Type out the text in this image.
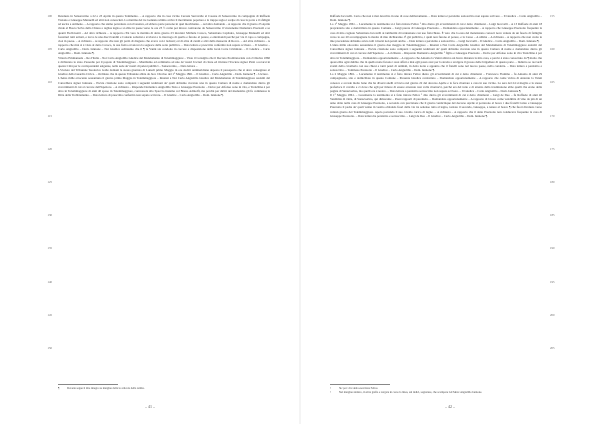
100
105
110
115
120
125
130
135
140
145
150

Detenuto in Sanseverino a 22 e 23 Aprile in questo Tenimento. – A rapporto che in casa vicino Cerasia Serravalle al Casone di Sanseverino in compagnia di Raffaele Troiano e Giuseppe Manuelli ed altri non conosciuti. La mattina del tre Gennaio ultimo arrivò il movimento popolare e la truppa regia è scelpe di casa la porta e il sfidigni ad uscire a Arimeno. – A rapporto che siamo pervenuto con riverenza, ed ebbero parte persone in quel movimento. – Ad altra domanda – A rapporto che il giorno 23 Aprile vinde al Bosco Selva della Chiesa a taglias legna e si ebbe in paese verso le ore 23 ½ come poi invece contrarono da Sanseverino il vicetenente Domenico Prezzotti e se quanti Fucilaventi – Ad altra richiesta – A rapporto ch'è vero le mattina di detto giorno 23 incontrò Michele Caroco, Sebastiano Capilatro, Giuseppe Manuelli ed altri forestieri tutti armati, e trovo le una dieci banditi e Canario sobuirsi e avviarsi e lo interrogo di quello e furono al parere, e entrabandi perchè per via il capo a campagna, cioè in paese. – A richiesta – A rapporto che non gli parlò di disgusto che aveva con i ladroni; ed di altra di cuniti e altri della masseria di Rocco. – Ad altra richiesta – A rapporto che mai si è visto al detto Caroco, la sua fretta ed ancora la seguace della sotto pubblica. – Data lettura e prescritta confermò non saputo scrivere. – Il Giudice – Carlo Angiolillo – Dom. Iannone – Noi Giudice ordiniamo che il ¶ la Vanni sia condotto in carcere a disposizione della Gran Corte Criminale. – Il Giudice – Carlo Angiolillo – Dom. Iannone ¶.

Vittorio Emmanuele – Re d'Italia – Noi Carlo Angiolillo Giudice del Mandamento di Tolemmaggiore – Visto il Consiglio che il Decreto Prodittatoriale con 2 Ottobre 1860 è dichiarato lo stato d'assedio per il popolo di Tolemmaggiore – Maniliamo ed ordiniamo ad uno de' nostri Uscieri di citare ed invitare l'Usciere signor Pizzi a recarsi in questa Città per le corrispondenti esigenze, nella sede de' nostri di pelesi pubblici – Sanseverino, – Data lettura –

L'Usciere del Tribunale Teodorico Galle domani la stessa giornata di Lunedì primo Maggio in ore dodici antimeridiane deposto il passaporto che si deve consegnare al Giudice della Guardia Civica. – Ordinato che in questo Tribunale abbia da Jaco l'Avviso del 1° Maggio 1861. – Il Giudice – Carlo Angiolillo – Dom. Iannone ¶ – Usciere.

L'Anno mille ottocento sessantuno il giorno primo Maggio in Tolemmaggiore – Innanzi a Noi Carlo Angiolillo Giudice del Mandamento di Tolemmaggiore assistiti dal Cancelliere signor Iannone – Previa citazione sono comparsi i seguenti testimoni de' quali abbiamo ricevuto una in questa Camera di nome e domandato dietro gli avvertimenti di cui al carcere dell'Ispettore. – A richiesta – Risponde Domenico Angiolillo Sisto e Giuseppe Prezzotto – Dolce per Alfonso sono in vita, e Trenchina è per altro in Tolemmaggiore di anni 40 sposo in Tolemmaggiore, convessola allo Spaccio insieme col Bruno Adinolfi, ma perchè per diritti del medesimo gli fu commessa la Ditta della Trebbiamento. – Data lettura di prescritta confermò non saputo scrivere. – Il Giudice – Carlo Angiolillo – Dom. Iannone ¶.

¶	Dovette segue il dire integro su margine della lo articolo della tomba.
– 41 –

Raffaele Iacovelli. Certo che non è mai descritto in uno di cose deliberamente. – Data lettura è persistito sottoscritto non saputo scrivere. – Il Giudice – Carlo Angiolillo – Dom. Iannone ¶.

Lo 1° Maggio 1861. – Lucemente la testimonia si è fatta intrare Felice ¹ dito dietro gli avvertimenti di cui è detto chiamarsi – Luigi Iacovelli – A 13 Raffaele di anni 18 proprietario sito e domiciliato in questo Comune – Luigi parere di Giuseppe Prezzotto. – Domandato opportunamente – A rapporto che Giuseppe Prezzotto frequentò la casa di mio cognato Sebastiano Iacovelli ai tamburini di tardessione con uso faticchiato. È vero che la essa del menzionato conosci nove venute da un fasolo di famiglia verso le ore 20 accompagnate la madre di mio dichiarante. È già pubblico, i quali non furono al potere, e la Cesso – A ultima – A richiesta – A rapporto che non credo le mie precedenze abbiamo avuto tolti i mezzi non potuti anche. – Data lettura a persistito e sottoscritto. – Luigi Iacovelli – Il Giudice – Carlo Angiolillo – Dom. Iannone ¶.

L'anno mille ottocento sessantuno il giorno due maggio in Tolemmaggiore – Innanzi a Noi Carlo Angiolillo Giudice del Mandamento di Tolemmaggiore assistiti dal Cancelliere signor Iannone – Previa citazione sono comparsi i seguenti testimoni de' quali abbiamo ricevuto una in questa Camera di nome e domandato dietro gli avvertimenti di cui al carcere dell'Ispettore. – A richiesta – Risponde Domenico Angiolillo ¹ figlio e Giuseppe Prezzotto – Dolce per Alfonso sono in vita Trenchina è per altro in Tolemmaggiore. – Domandato opportunamente – A rapporto che Antonio la Vanni abitava un breve distanza la mia casa, e perciò è stato conosciuto da ¶ molto che quasi ebbe ogni dubbio che in quella notte furono i suoi affari e mai egli passò aver per la strada a svolgere il grosso delle brigadiere di questa parte. – Indietro so raccordi sventi della cavalleria con sue chiesi e tanti pezzi di animali, in detta notte e appunto che il fratelli sono nel nuovo paese, nella condotta. – Data lettura a persistito e sottoscritto. – Tommaso Prezzotto – Il Giudice – Carlo Angiolillo – Dom. Iannone ¶.

Lo 2 Maggio 1861. – Lucemente il testimonio si è fatto intrare Felice dietro gli avvertimenti di cui è detto chiamarsi – Francesco Fiamma – fu Antonio di anni 29 campagnuolo, sito e domiciliato in questo Comune – Presente Giudice contrariato – Domandato opportunamente – A rapporto che come vicino di Antonio la Vanni conosco e accade molto bene che ha diversi anelli al brevo nel giorno 22 del decorso Aprile e lo fece ritornare a casa in suo vicino. La sera del 24 si meglio e la stessa preferisce il cavallo e ci dove che egli per timore di essere arrestato non volle ritornarvi, perchè era del tutto e di attento della trasmissione ebbe quelli che erano della pagina di Sanseverino, ma quelli ora è nostro. – Data lettura a persistito sottoscritto non saputo scrivere. – Il Giudice – Carlo Angiolillo – Dom. Iannone ¶.

Il 1° Maggio 1861. – Lucemente la testimonia si è fatto intrare Felice ² dito dietro gli avvertimenti di cui è detto chiamarsi – Luigi de Deo – fu Raffaele di anni 40 Vendimia di vinta, di Sanseverino, qui dimorante – Paesi rapporti di parentela. – Domandato opportunamente – A rapporto di lavoro come vendimia di vino da più di un anno abito nella casa di Giuseppe Prezzotto, a secondo con precisione che il giorno venticinque del decorso Aprile si portarono al bosco i due fratelli Cento e Giuseppe Prezzotto il padre de' quali venne in vestito obitando fuori dalla via tra settenso tutta al legno, tornato il secondo, Giuseppe, a tenere al bosco ¶ che fuori divenuto verso ventun giorno del Tolemmaggiore. Apolo portando il suo cavallo carico di legne. – A richiesta – A rapporto che il detto Prezzotto non conduceva frequente la casa di Giuseppe Prezzotto. – Data lettura ha persistito e sottoscritto. – Luigi de Deo – Il Giudice – Carlo Angiolillo – Dom. Iannone ¶.

155
160
165
170
175
180
185
190
195
200
205
¹	Sic per: di è detta esercitare Felice.
²	Nel margine sinistro, in altra grafia e vergata in corso la linea, sul indici, segnature, che scompare Gil Meta: Angiolillo Iannone.
– 42 –
